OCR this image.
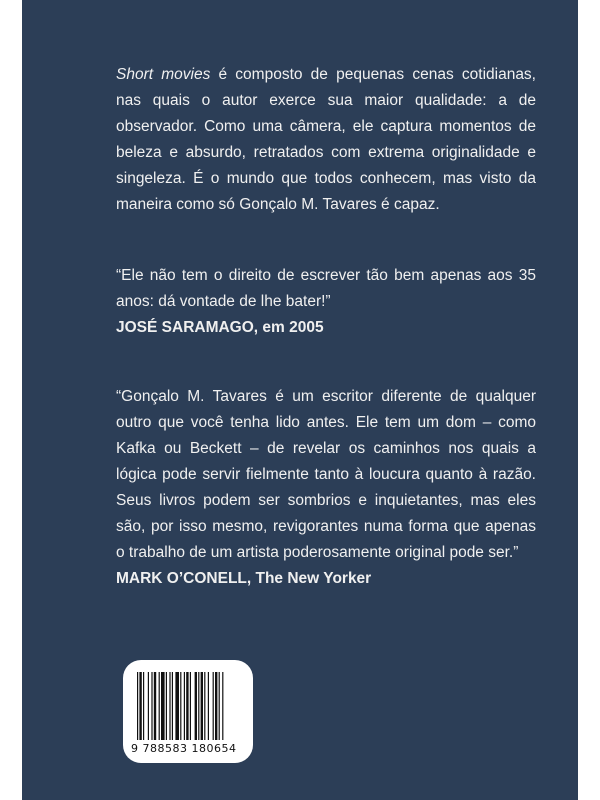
Short movies é composto de pequenas cenas cotidianas, nas quais o autor exerce sua maior qualidade: a de observador. Como uma câmera, ele captura momentos de beleza e absurdo, retratados com extrema originalidade e singeleza. É o mundo que todos conhecem, mas visto da maneira como só Gonçalo M. Tavares é capaz.

“Ele não tem o direito de escrever tão bem apenas aos 35 anos: dá vontade de lhe bater!”
JOSÉ SARAMAGO, em 2005
“Gonçalo M. Tavares é um escritor diferente de qualquer outro que você tenha lido antes. Ele tem um dom – como Kafka ou Beckett – de revelar os caminhos nos quais a lógica pode servir fielmente tanto à loucura quanto à razão. Seus livros podem ser sombrios e inquietantes, mas eles são, por isso mesmo, revigorantes numa forma que apenas o trabalho de um artista poderosamente original pode ser.”
MARK O’CONELL, The New Yorker
9 788583 180654
